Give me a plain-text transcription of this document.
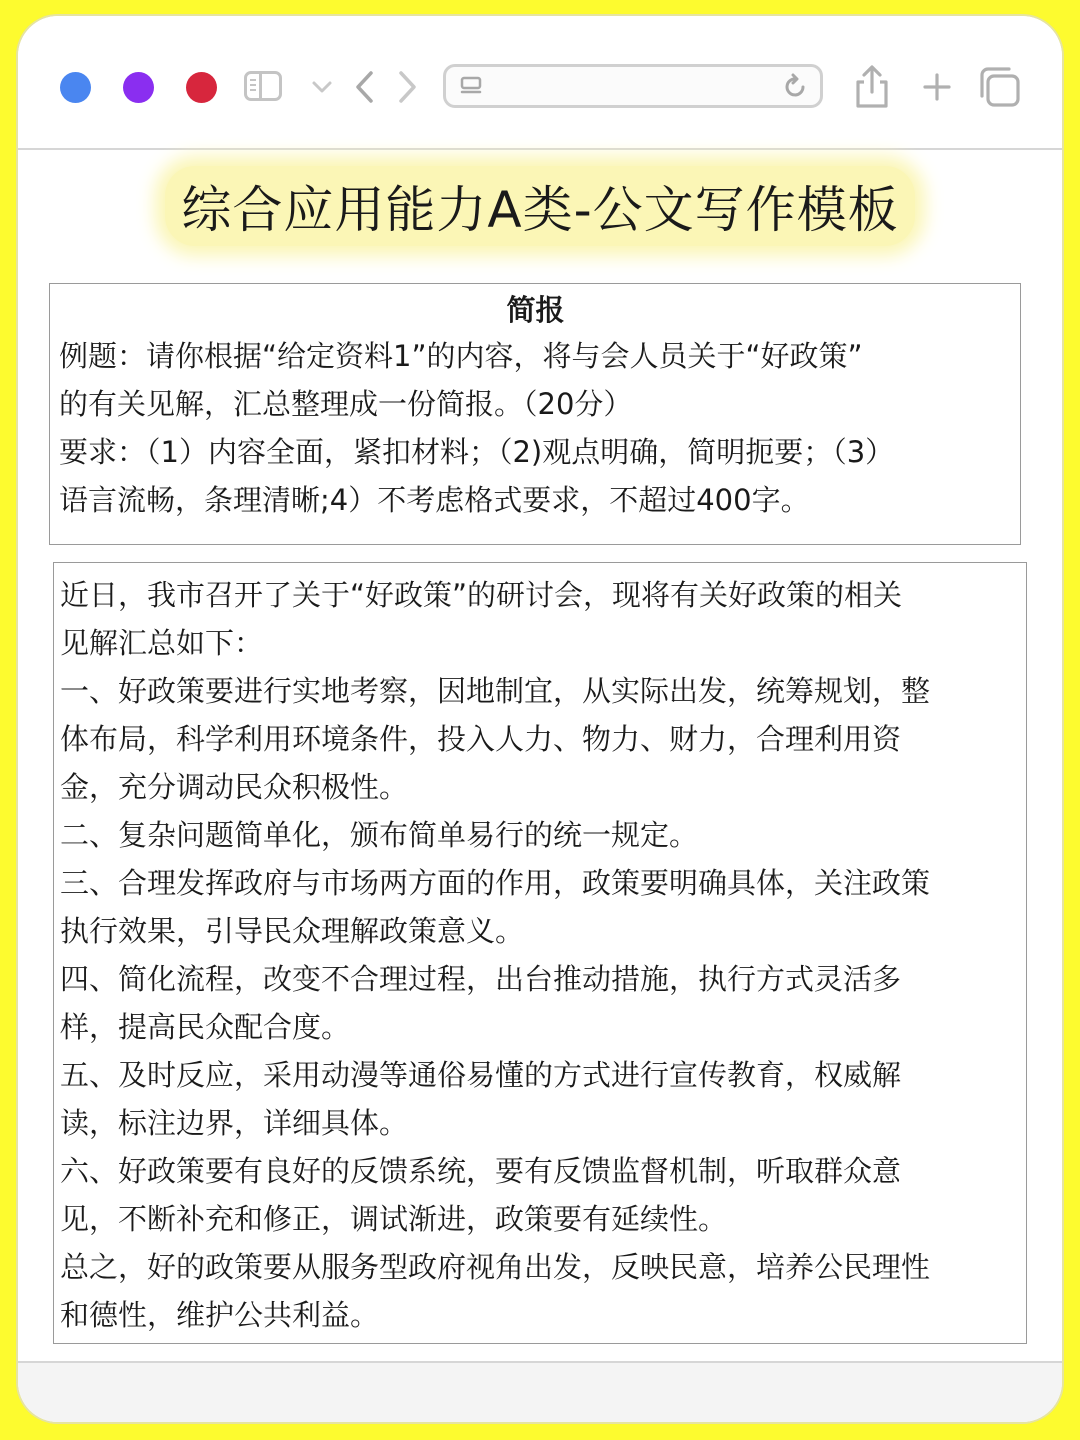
综合应用能力A类-公文写作模板
简报

例题：请你根据“给定资料1”的内容，将与会人员关于“好政策”

的有关见解，汇总整理成一份简报。（20分）

要求：（1）内容全面，紧扣材料；（2)观点明确，简明扼要；（3）

语言流畅，条理清晰;4）不考虑格式要求，不超过400字。

近日，我市召开了关于“好政策”的研讨会，现将有关好政策的相关

见解汇总如下：

一、好政策要进行实地考察，因地制宜，从实际出发，统筹规划，整

体布局，科学利用环境条件，投入人力、物力、财力，合理利用资

金，充分调动民众积极性。

二、复杂问题简单化，颁布简单易行的统一规定。

三、合理发挥政府与市场两方面的作用，政策要明确具体，关注政策

执行效果，引导民众理解政策意义。

四、简化流程，改变不合理过程，出台推动措施，执行方式灵活多

样，提高民众配合度。

五、及时反应，采用动漫等通俗易懂的方式进行宣传教育，权威解

读，标注边界，详细具体。

六、好政策要有良好的反馈系统，要有反馈监督机制，听取群众意

见，不断补充和修正，调试渐进，政策要有延续性。

总之，好的政策要从服务型政府视角出发，反映民意，培养公民理性

和德性，维护公共利益。
